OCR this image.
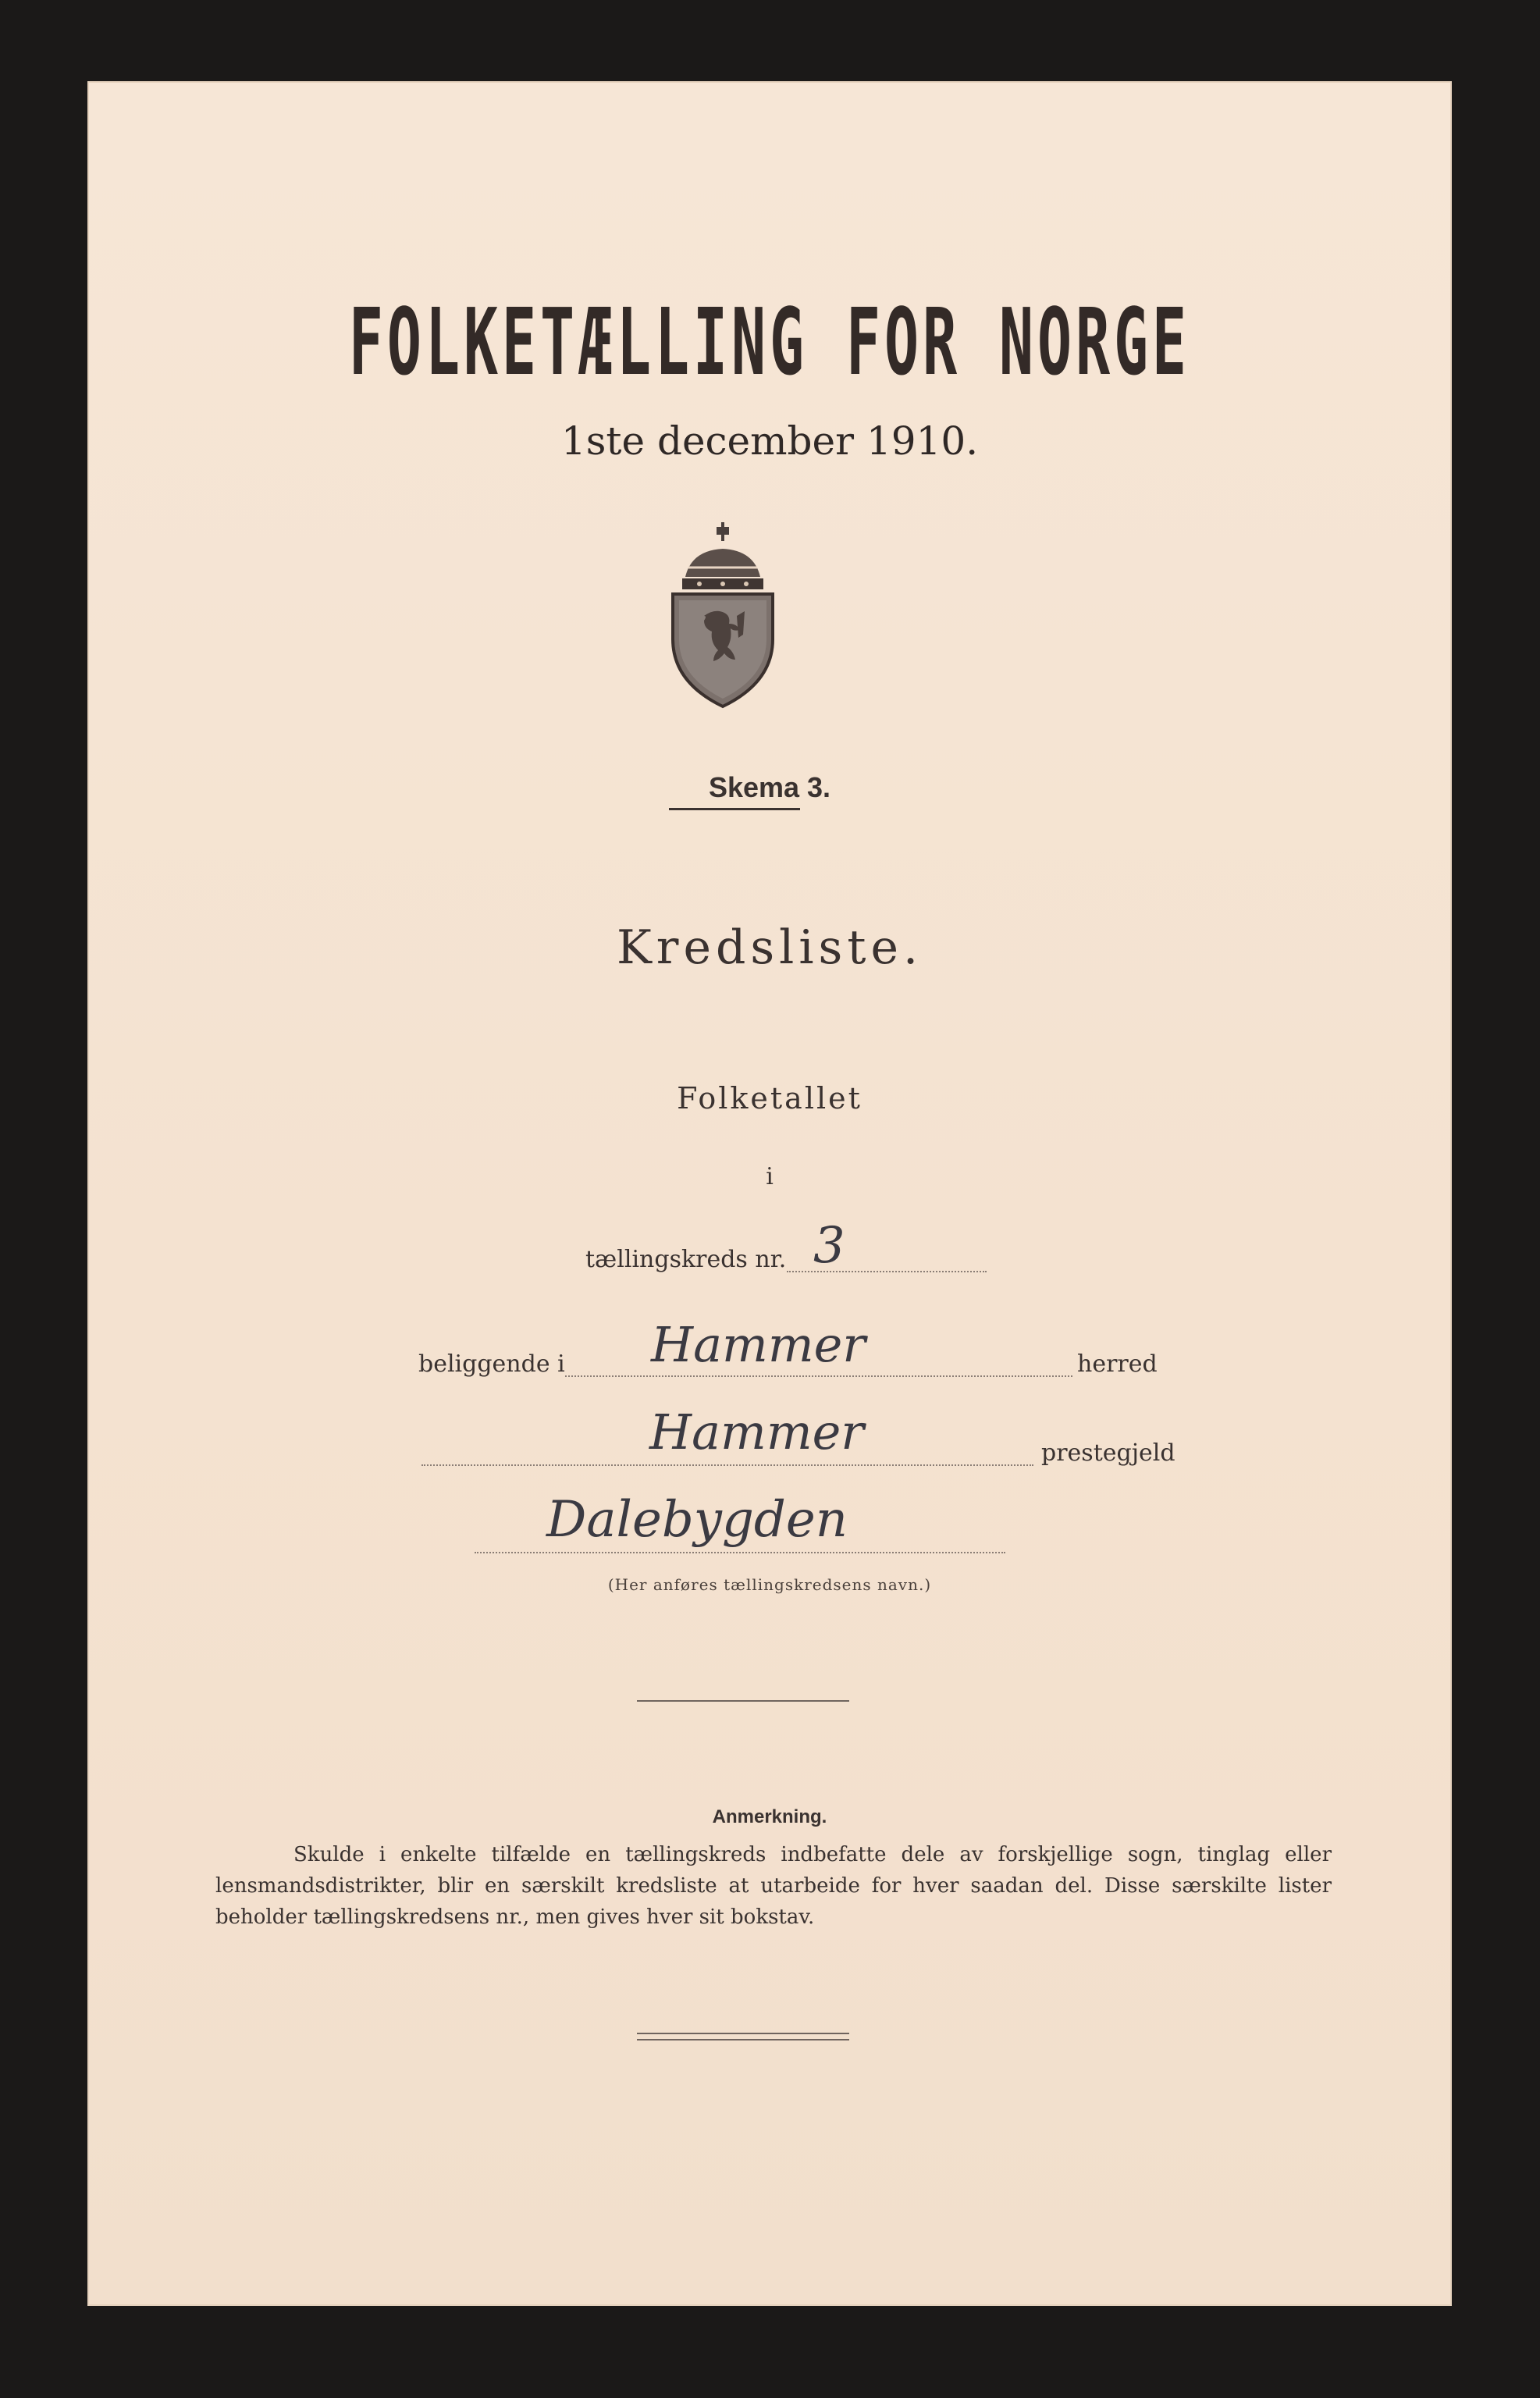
FOLKETÆLLING FOR NORGE
1ste december 1910.
Skema 3.
Kredsliste.
Folketallet
i
tællingskreds nr. 3
beliggende i Hammer	herred
Hammer	prestegjeld
Dalebygden
(Her anføres tællingskredsens navn.)
Anmerkning.
Skulde i enkelte tilfælde en tællingskreds indbefatte dele av forskjellige sogn, tinglag eller lensmandsdistrikter, blir en særskilt kredsliste at utarbeide for hver saadan del. Disse særskilte lister beholder tællingskredsens nr., men gives hver sit bokstav.
